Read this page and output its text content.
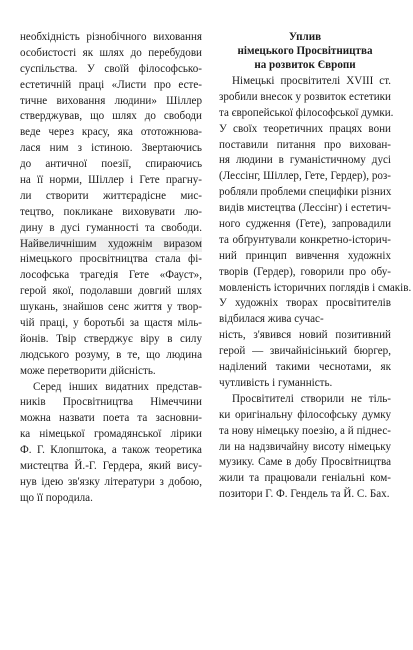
необхідність різнобічного виховання
особистості як шлях до перебудови
суспільства. У своїй філософсько-
естетичній праці «Листи про есте-
тичне виховання людини» Шіллер
стверджував, що шлях до свободи
веде через красу, яка ототожнюва-
лася ним з істиною. Звертаючись
до античної поезії, спираючись
на її норми, Шіллер і Гете прагну-
ли створити життєрадісне мис-
тецтво, покликане виховувати лю-
дину в дусі гуманності та свободи.
Найвеличнішим художнім виразом
німецького просвітництва стала фі-
лософська трагедія Гете «Фауст»,
герой якої, подолавши довгий шлях
шукань, знайшов сенс життя у твор-
чій праці, у боротьбі за щастя міль-
йонів. Твір стверджує віру в силу
людського розуму, в те, що людина
може перетворити дійсність.
Серед інших видатних представ-
ників Просвітництва Німеччини
можна назвати поета та засновни-
ка німецької громадянської лірики
Ф. Г. Клопштока, а також теоретика
мистецтва Й.-Г. Гердера, який вису-
нув ідею зв'язку літератури з добою,
що її породила.
Уплив
німецького Просвітництва
на розвиток Європи
Німецькі просвітителі XVIII ст.
зробили внесок у розвиток естетики
та європейської філософської думки.
У своїх теоретичних працях вони
поставили питання про вихован-
ня людини в гуманістичному дусі
(Лессінг, Шіллер, Гете, Гердер), роз-
робляли проблеми специфіки різних
видів мистецтва (Лессінг) і естетич-
ного судження (Гете), запровадили
та обґрунтували конкретно-історич-
ний принцип вивчення художніх
творів (Гердер), говорили про обу-
мовленість історичних поглядів і смаків.
У художніх творах просвітителів відбилася жива сучас-
ність, з'явився новий позитивний
герой — звичайнісінький бюргер,
наділений такими чеснотами, як
чутливість і гуманність.
Просвітителі створили не тіль-
ки оригінальну філософську думку
та нову німецьку поезію, а й піднес-
ли на надзвичайну висоту німецьку
музику. Саме в добу Просвітництва
жили та працювали геніальні ком-
позитори Г. Ф. Гендель та Й. С. Бах.
